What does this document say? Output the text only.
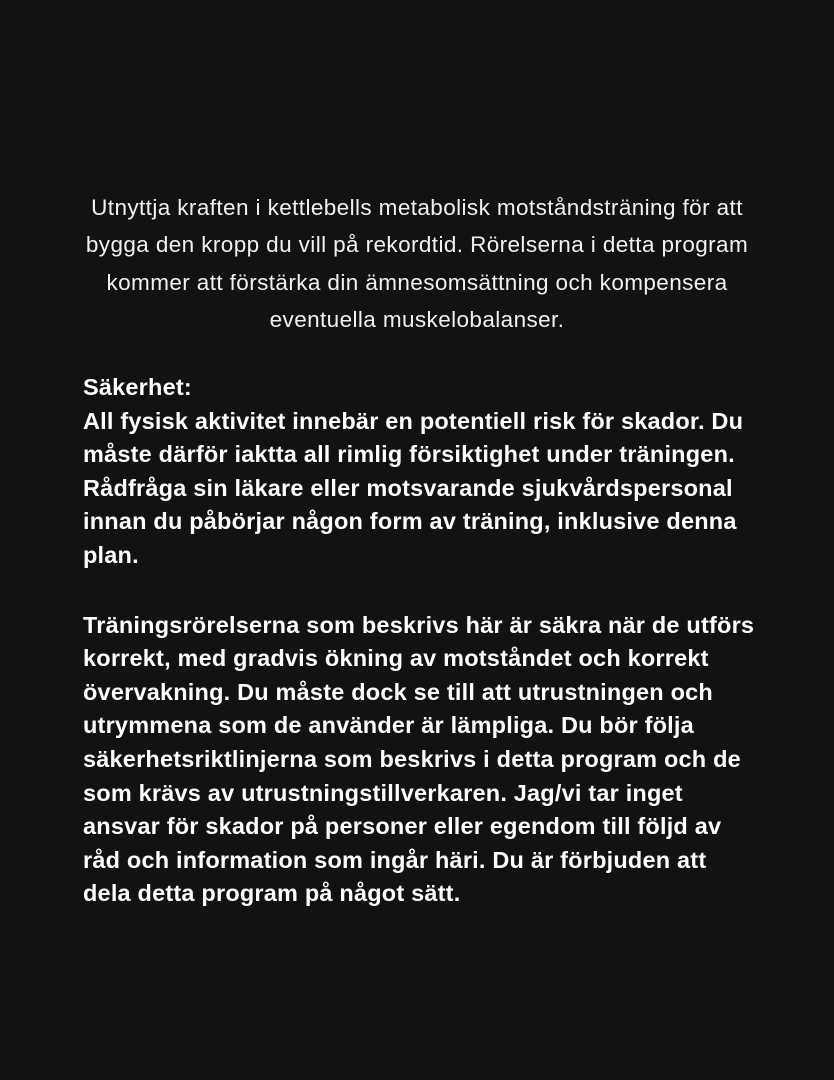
Utnyttja kraften i kettlebells metabolisk motståndsträning för att bygga den kropp du vill på rekordtid. Rörelserna i detta program kommer att förstärka din ämnesomsättning och kompensera eventuella muskelobalanser.

Säkerhet:

All fysisk aktivitet innebär en potentiell risk för skador. Du måste därför iaktta all rimlig försiktighet under träningen. Rådfråga sin läkare eller motsvarande sjukvårdspersonal innan du påbörjar någon form av träning, inklusive denna plan.

Träningsrörelserna som beskrivs här är säkra när de utförs korrekt, med gradvis ökning av motståndet och korrekt övervakning. Du måste dock se till att utrustningen och utrymmena som de använder är lämpliga. Du bör följa säkerhetsriktlinjerna som beskrivs i detta program och de som krävs av utrustningstillverkaren. Jag/vi tar inget ansvar för skador på personer eller egendom till följd av råd och information som ingår häri. Du är förbjuden att dela detta program på något sätt.
